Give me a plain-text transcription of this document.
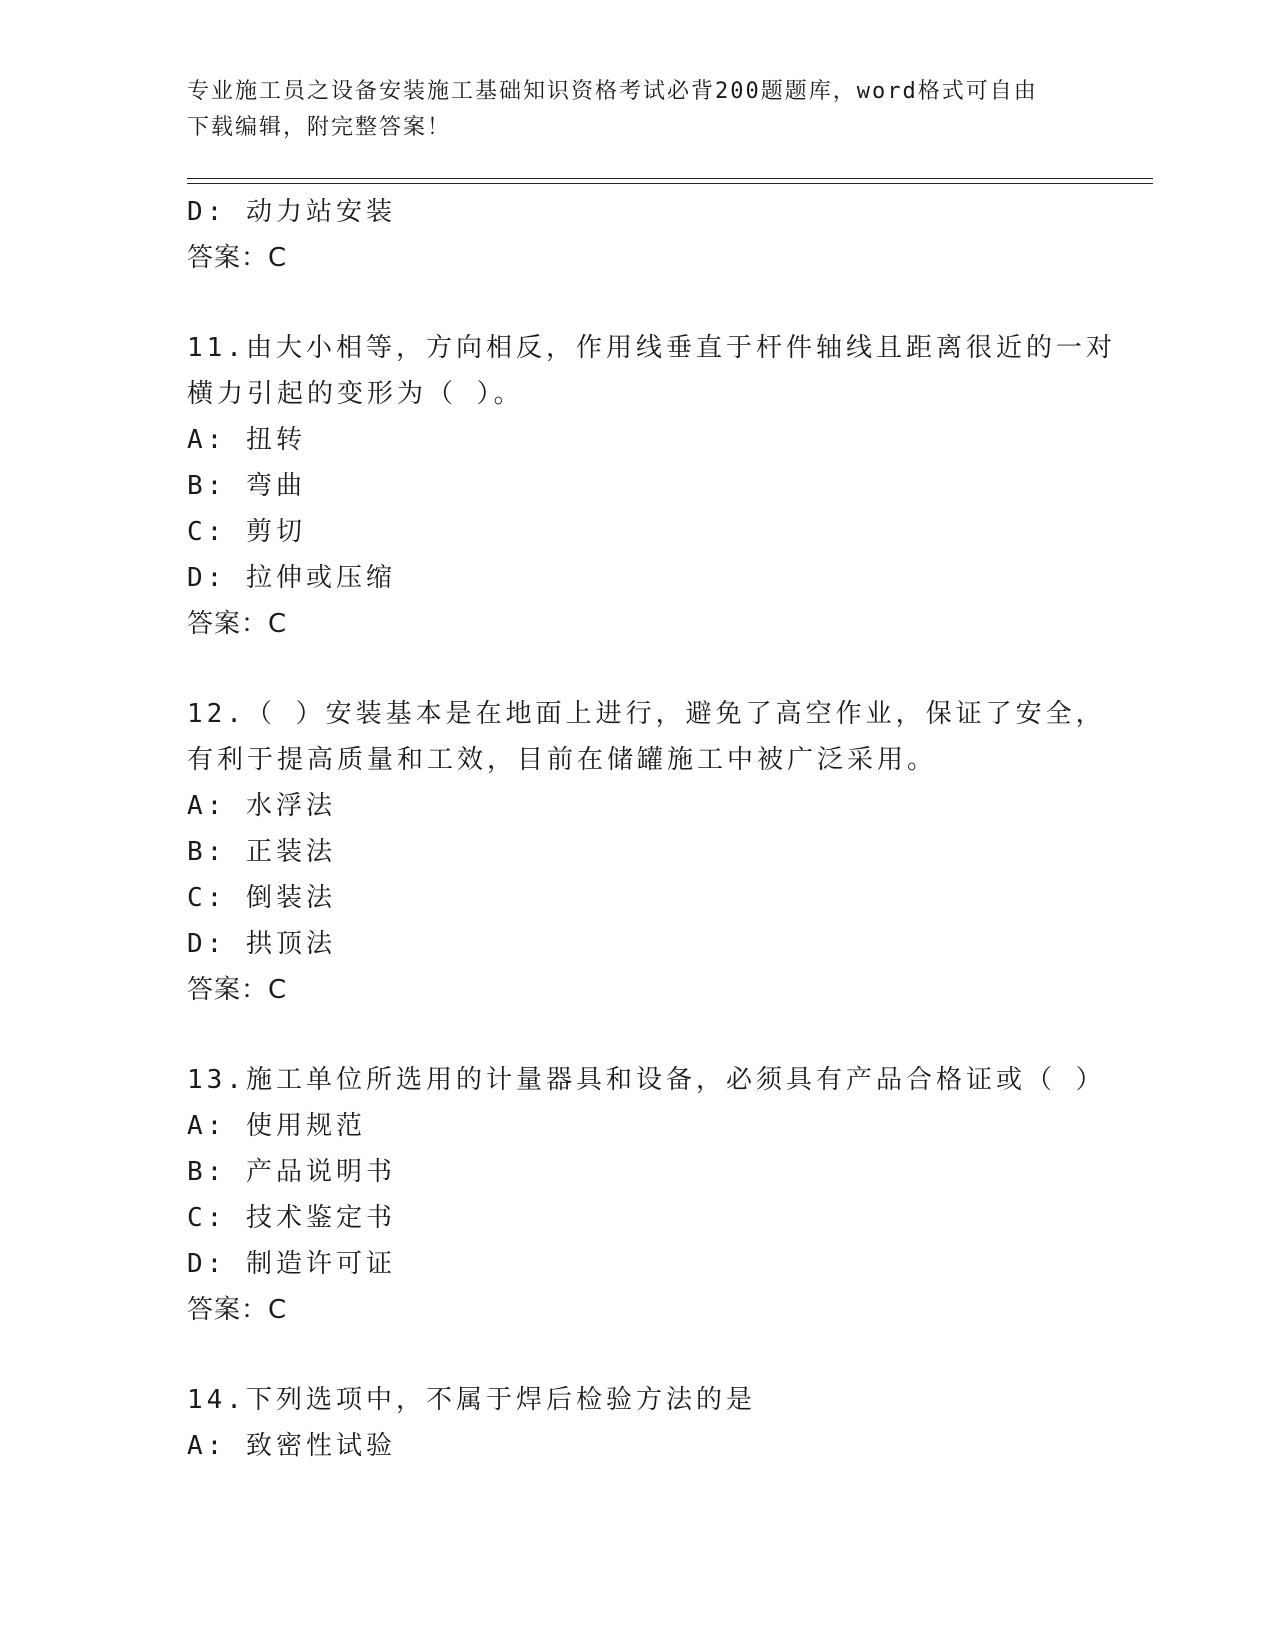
专业施工员之设备安装施工基础知识资格考试必背200题题库，word格式可自由
下载编辑，附完整答案！
D: 动力站安装
答案：C
11.由大小相等，方向相反，作用线垂直于杆件轴线且距离很近的一对
横力引起的变形为（ ）。
A: 扭转
B: 弯曲
C: 剪切
D: 拉伸或压缩
答案：C
12.（ ）安装基本是在地面上进行，避免了高空作业，保证了安全，
有利于提高质量和工效，目前在储罐施工中被广泛采用。
A: 水浮法
B: 正装法
C: 倒装法
D: 拱顶法
答案：C
13.施工单位所选用的计量器具和设备，必须具有产品合格证或（ ）
A: 使用规范
B: 产品说明书
C: 技术鉴定书
D: 制造许可证
答案：C
14.下列选项中，不属于焊后检验方法的是
A: 致密性试验
